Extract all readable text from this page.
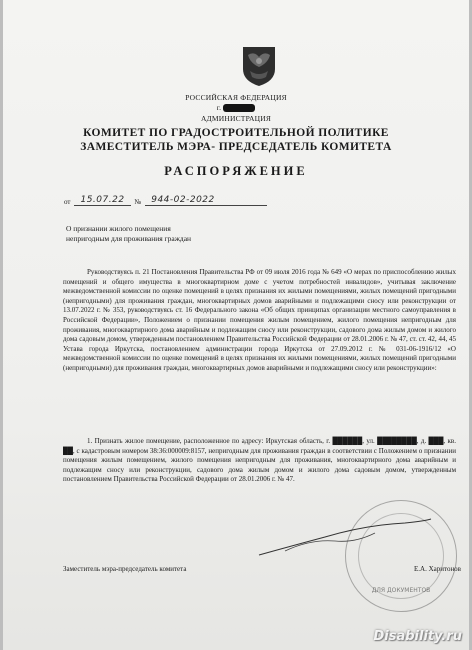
РОССИЙСКАЯ ФЕДЕРАЦИЯ
г.
АДМИНИСТРАЦИЯ
КОМИТЕТ ПО ГРАДОСТРОИТЕЛЬНОЙ ПОЛИТИКЕ
ЗАМЕСТИТЕЛЬ МЭРА- ПРЕДСЕДАТЕЛЬ КОМИТЕТА
РАСПОРЯЖЕНИЕ
от	15.07.22	№	944-02-2022
О признании жилого помещения
непригодным для проживания граждан

Руководствуясь п. 21 Постановления Правительства РФ от 09 июля 2016 года № 649 «О мерах по приспособлению жилых помещений и общего имущества в многоквартирном доме с учетом потребностей инвалидов», учитывая заключение межведомственной комиссии по оценке помещений в целях признания их жилыми помещениями, жилых помещений пригодными (непригодными) для проживания граждан, многоквартирных домов аварийными и подлежащими сносу или реконструкции от 13.07.2022 г. № 353, руководствуясь ст. 16 Федерального закона «Об общих принципах организации местного самоуправления в Российской Федерации», Положением о признании помещения жилым помещением, жилого помещения непригодным для проживания, многоквартирного дома аварийным и подлежащим сносу или реконструкции, садового дома жилым домом и жилого дома садовым домом, утвержденным постановлением Правительства Российской Федерации от 28.01.2006 г. № 47, ст. ст. 42, 44, 45 Устава города Иркутска, постановлением администрации города Иркутска от 27.09.2012 г. № 031-06-1916/12 «О межведомственной комиссии по оценке помещений в целях признания их жилыми помещениями, жилых помещений пригодными (непригодными) для проживания граждан, многоквартирных домов аварийными и подлежащими сносу или реконструкции»:

1. Признать жилое помещение, расположенное по адресу: Иркутская область, г. ██████, ул. ████████, д. ███, кв. ██, с кадастровым номером 38:36:000009:8157, непригодным для проживания граждан в соответствии с Положением о признании помещения жилым помещением, жилого помещения непригодным для проживания, многоквартирного дома аварийным и подлежащим сносу или реконструкции, садового дома жилым домом и жилого дома садовым домом, утвержденным постановлением Правительства Российской Федерации от 28.01.2006 г. № 47.

ДЛЯ ДОКУМЕНТОВ
Заместитель мэра-председатель комитета	Е.А. Харитонов
Disability.ru
